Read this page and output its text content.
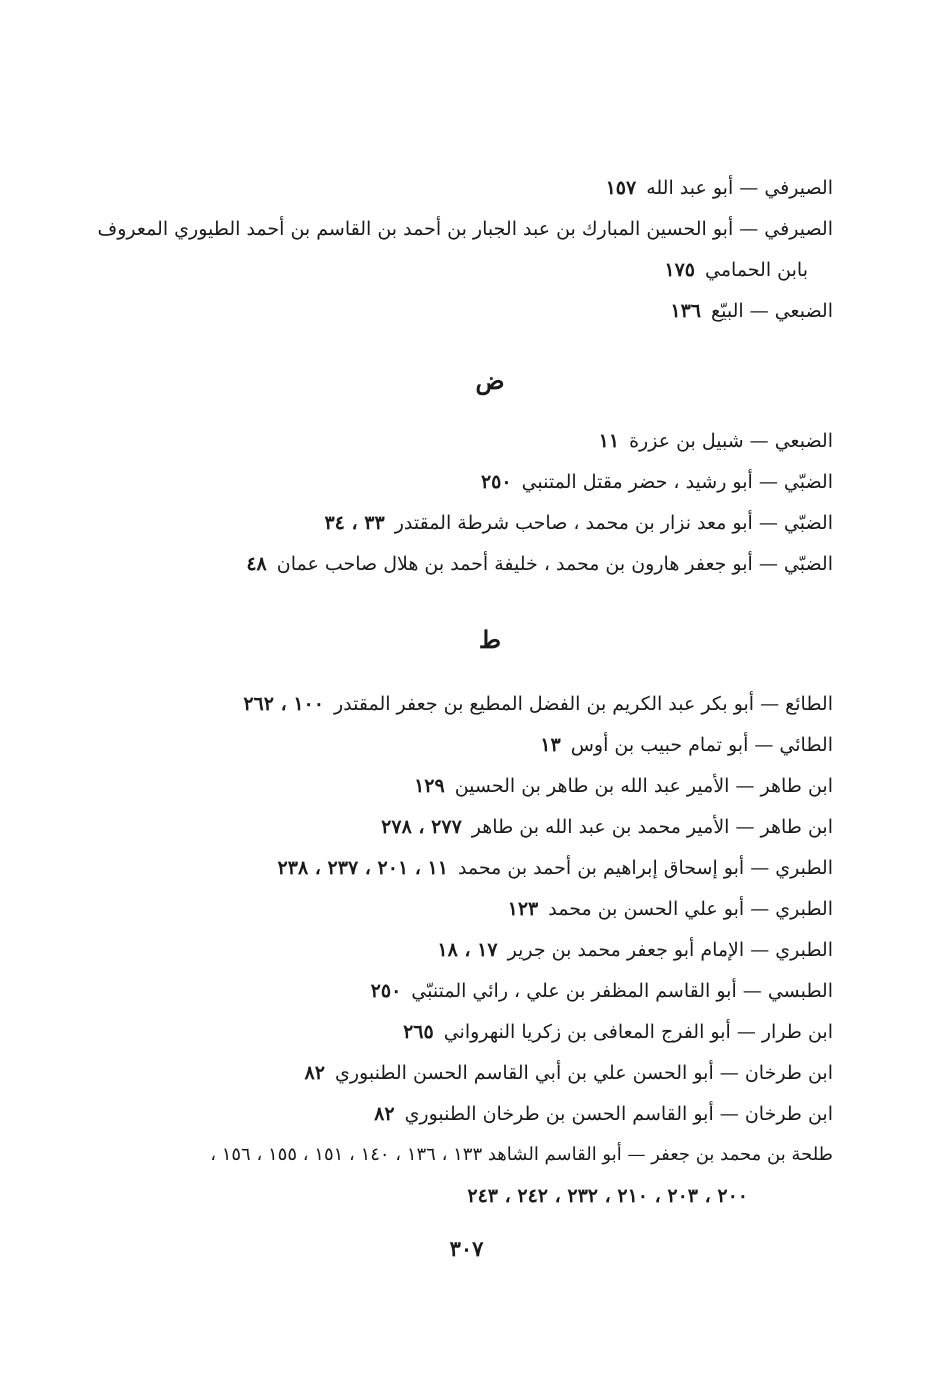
الصيرفي — أبو عبد الله١٥٧
الصيرفي — أبو الحسين المبارك بن عبد الجبار بن أحمد بن القاسم بن أحمد الطيوري المعروف
بابن الحمامي١٧٥
الضبعي — البيّع١٣٦
ض
الضبعي — شبيل بن عزرة١١
الضبّي — أبو رشيد ، حضر مقتل المتنبي٢٥٠
الضبّي — أبو معد نزار بن محمد ، صاحب شرطة المقتدر٣٣ ، ٣٤
الضبّي — أبو جعفر هارون بن محمد ، خليفة أحمد بن هلال صاحب عمان٤٨
ط
الطائع — أبو بكر عبد الكريم بن الفضل المطيع بن جعفر المقتدر١٠٠ ، ٢٦٢
الطائي — أبو تمام حبيب بن أوس١٣
ابن طاهر — الأمير عبد الله بن طاهر بن الحسين١٢٩
ابن طاهر — الأمير محمد بن عبد الله بن طاهر٢٧٧ ، ٢٧٨
الطبري — أبو إسحاق إبراهيم بن أحمد بن محمد١١ ، ٢٠١ ، ٢٣٧ ، ٢٣٨
الطبري — أبو علي الحسن بن محمد١٢٣
الطبري — الإمام أبو جعفر محمد بن جرير١٧ ، ١٨
الطبسي — أبو القاسم المظفر بن علي ، رائي المتنبّي٢٥٠
ابن طرار — أبو الفرج المعافى بن زكريا النهرواني٢٦٥
ابن طرخان — أبو الحسن علي بن أبي القاسم الحسن الطنبوري٨٢
ابن طرخان — أبو القاسم الحسن بن طرخان الطنبوري٨٢
طلحة بن محمد بن جعفر — أبو القاسم الشاهد ١٣٣ ، ١٣٦ ، ١٤٠ ، ١٥١ ، ١٥٥ ، ١٥٦ ،
٢٠٠ ، ٢٠٣ ، ٢١٠ ، ٢٣٢ ، ٢٤٢ ، ٢٤٣
٣٠٧
